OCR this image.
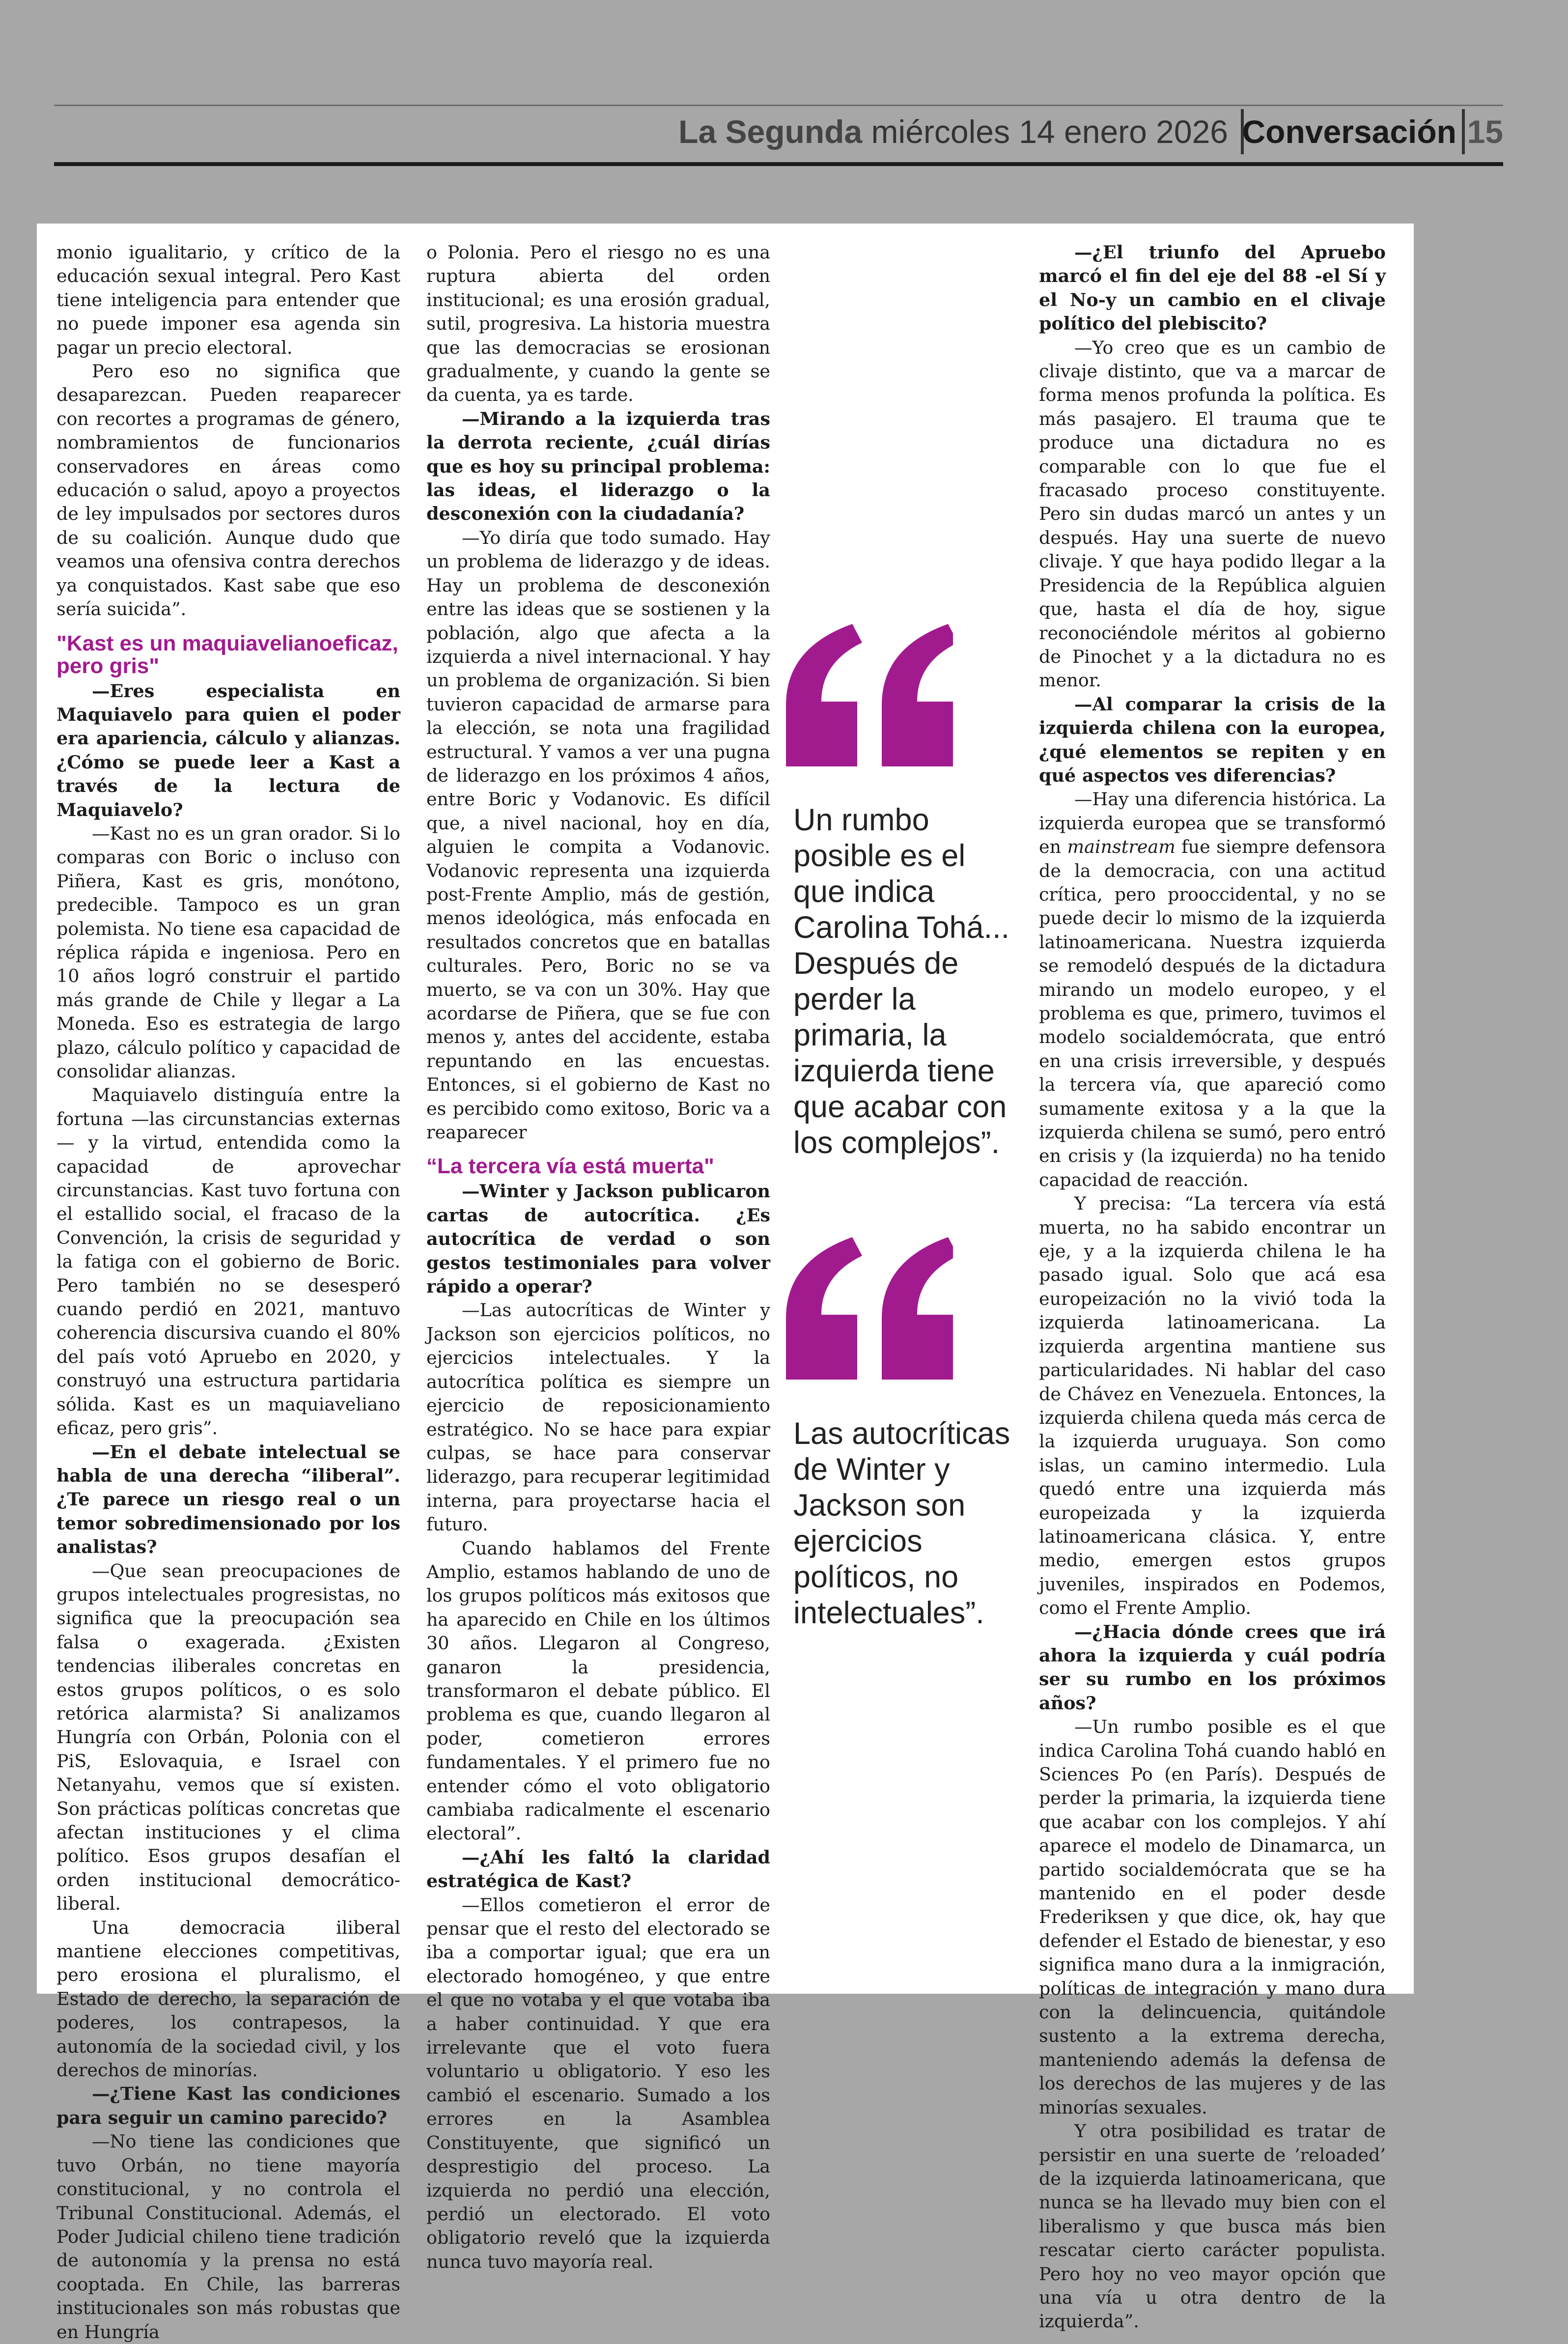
La Segunda miércoles 14 enero 2026 Conversación 15

monio igualitario, y crítico de la educación sexual integral. Pero Kast tiene inteligencia para entender que no puede imponer esa agenda sin pagar un precio electoral.

Pero eso no significa que desaparezcan. Pueden reaparecer con recortes a programas de género, nombramientos de funcionarios conservadores en áreas como educación o salud, apoyo a proyectos de ley impulsados por sectores duros de su coalición. Aunque dudo que veamos una ofensiva contra derechos ya conquistados. Kast sabe que eso sería suicida”.

"Kast es un maquiavelianoeficaz, pero gris"

—Eres especialista en Maquiavelo para quien el poder era apariencia, cálculo y alianzas. ¿Cómo se puede leer a Kast a través de la lectura de Maquiavelo?

—Kast no es un gran orador. Si lo comparas con Boric o incluso con Piñera, Kast es gris, monótono, predecible. Tampoco es un gran polemista. No tiene esa capacidad de réplica rápida e ingeniosa. Pero en 10 años logró construir el partido más grande de Chile y llegar a La Moneda. Eso es estrategia de largo plazo, cálculo político y capacidad de consolidar alianzas.

Maquiavelo distinguía entre la fortuna —las circunstancias externas— y la virtud, entendida como la capacidad de aprovechar circunstancias. Kast tuvo fortuna con el estallido social, el fracaso de la Convención, la crisis de seguridad y la fatiga con el gobierno de Boric. Pero también no se desesperó cuando perdió en 2021, mantuvo coherencia discursiva cuando el 80% del país votó Apruebo en 2020, y construyó una estructura partidaria sólida. Kast es un maquiaveliano eficaz, pero gris”.

—En el debate intelectual se habla de una derecha “iliberal”. ¿Te parece un riesgo real o un temor sobredimensionado por los analistas?

—Que sean preocupaciones de grupos intelectuales progresistas, no significa que la preocupación sea falsa o exagerada. ¿Existen tendencias iliberales concretas en estos grupos políticos, o es solo retórica alarmista? Si analizamos Hungría con Orbán, Polonia con el PiS, Eslovaquia, e Israel con Netanyahu, vemos que sí existen. Son prácticas políticas concretas que afectan instituciones y el clima político. Esos grupos desafían el orden institucional democrático-liberal.

Una democracia iliberal mantiene elecciones competitivas, pero erosiona el pluralismo, el Estado de derecho, la separación de poderes, los contrapesos, la autonomía de la sociedad civil, y los derechos de minorías.

—¿Tiene Kast las condiciones para seguir un camino parecido?

—No tiene las condiciones que tuvo Orbán, no tiene mayoría constitucional, y no controla el Tribunal Constitucional. Además, el Poder Judicial chileno tiene tradición de autonomía y la prensa no está cooptada. En Chile, las barreras institucionales son más robustas que en Hungría

o Polonia. Pero el riesgo no es una ruptura abierta del orden institucional; es una erosión gradual, sutil, progresiva. La historia muestra que las democracias se erosionan gradualmente, y cuando la gente se da cuenta, ya es tarde.

—Mirando a la izquierda tras la derrota reciente, ¿cuál dirías que es hoy su principal problema: las ideas, el liderazgo o la desconexión con la ciudadanía?

—Yo diría que todo sumado. Hay un problema de liderazgo y de ideas. Hay un problema de desconexión entre las ideas que se sostienen y la población, algo que afecta a la izquierda a nivel internacional. Y hay un problema de organización. Si bien tuvieron capacidad de armarse para la elección, se nota una fragilidad estructural. Y vamos a ver una pugna de liderazgo en los próximos 4 años, entre Boric y Vodanovic. Es difícil que, a nivel nacional, hoy en día, alguien le compita a Vodanovic. Vodanovic representa una izquierda post-Frente Amplio, más de gestión, menos ideológica, más enfocada en resultados concretos que en batallas culturales. Pero, Boric no se va muerto, se va con un 30%. Hay que acordarse de Piñera, que se fue con menos y, antes del accidente, estaba repuntando en las encuestas. Entonces, si el gobierno de Kast no es percibido como exitoso, Boric va a reaparecer

“La tercera vía está muerta"

—Winter y Jackson publicaron cartas de autocrítica. ¿Es autocrítica de verdad o son gestos testimoniales para volver rápido a operar?

—Las autocríticas de Winter y Jackson son ejercicios políticos, no ejercicios intelectuales. Y la autocrítica política es siempre un ejercicio de reposicionamiento estratégico. No se hace para expiar culpas, se hace para conservar liderazgo, para recuperar legitimidad interna, para proyectarse hacia el futuro.

Cuando hablamos del Frente Amplio, estamos hablando de uno de los grupos políticos más exitosos que ha aparecido en Chile en los últimos 30 años. Llegaron al Congreso, ganaron la presidencia, transformaron el debate público. El problema es que, cuando llegaron al poder, cometieron errores fundamentales. Y el primero fue no entender cómo el voto obligatorio cambiaba radicalmente el escenario electoral”.

—¿Ahí les faltó la claridad estratégica de Kast?

—Ellos cometieron el error de pensar que el resto del electorado se iba a comportar igual; que era un electorado homogéneo, y que entre el que no votaba y el que votaba iba a haber continuidad. Y que era irrelevante que el voto fuera voluntario u obligatorio. Y eso les cambió el escenario. Sumado a los errores en la Asamblea Constituyente, que significó un desprestigio del proceso. La izquierda no perdió una elección, perdió un electorado. El voto obligatorio reveló que la izquierda nunca tuvo mayoría real.

Un rumbo posible es el que indica Carolina Tohá... Después de perder la primaria, la izquierda tiene que acabar con los complejos”.
Las autocríticas de Winter y Jackson son ejercicios políticos, no intelectuales”.

—¿El triunfo del Apruebo marcó el fin del eje del 88 -el Sí y el No-y un cambio en el clivaje político del plebiscito?

—Yo creo que es un cambio de clivaje distinto, que va a marcar de forma menos profunda la política. Es más pasajero. El trauma que te produce una dictadura no es comparable con lo que fue el fracasado proceso constituyente. Pero sin dudas marcó un antes y un después. Hay una suerte de nuevo clivaje. Y que haya podido llegar a la Presidencia de la República alguien que, hasta el día de hoy, sigue reconociéndole méritos al gobierno de Pinochet y a la dictadura no es menor.

—Al comparar la crisis de la izquierda chilena con la europea, ¿qué elementos se repiten y en qué aspectos ves diferencias?

—Hay una diferencia histórica. La izquierda europea que se transformó en mainstream fue siempre defensora de la democracia, con una actitud crítica, pero prooccidental, y no se puede decir lo mismo de la izquierda latinoamericana. Nuestra izquierda se remodeló después de la dictadura mirando un modelo europeo, y el problema es que, primero, tuvimos el modelo socialdemócrata, que entró en una crisis irreversible, y después la tercera vía, que apareció como sumamente exitosa y a la que la izquierda chilena se sumó, pero entró en crisis y (la izquierda) no ha tenido capacidad de reacción.

Y precisa: “La tercera vía está muerta, no ha sabido encontrar un eje, y a la izquierda chilena le ha pasado igual. Solo que acá esa europeización no la vivió toda la izquierda latinoamericana. La izquierda argentina mantiene sus particularidades. Ni hablar del caso de Chávez en Venezuela. Entonces, la izquierda chilena queda más cerca de la izquierda uruguaya. Son como islas, un camino intermedio. Lula quedó entre una izquierda más europeizada y la izquierda latinoamericana clásica. Y, entre medio, emergen estos grupos juveniles, inspirados en Podemos, como el Frente Amplio.

—¿Hacia dónde crees que irá ahora la izquierda y cuál podría ser su rumbo en los próximos años?

—Un rumbo posible es el que indica Carolina Tohá cuando habló en Sciences Po (en París). Después de perder la primaria, la izquierda tiene que acabar con los complejos. Y ahí aparece el modelo de Dinamarca, un partido socialdemócrata que se ha mantenido en el poder desde Frederiksen y que dice, ok, hay que defender el Estado de bienestar, y eso significa mano dura a la inmigración, políticas de integración y mano dura con la delincuencia, quitándole sustento a la extrema derecha, manteniendo además la defensa de los derechos de las mujeres y de las minorías sexuales.

Y otra posibilidad es tratar de persistir en una suerte de ’reloaded’ de la izquierda latinoamericana, que nunca se ha llevado muy bien con el liberalismo y que busca más bien rescatar cierto carácter populista. Pero hoy no veo mayor opción que una vía u otra dentro de la izquierda”.
